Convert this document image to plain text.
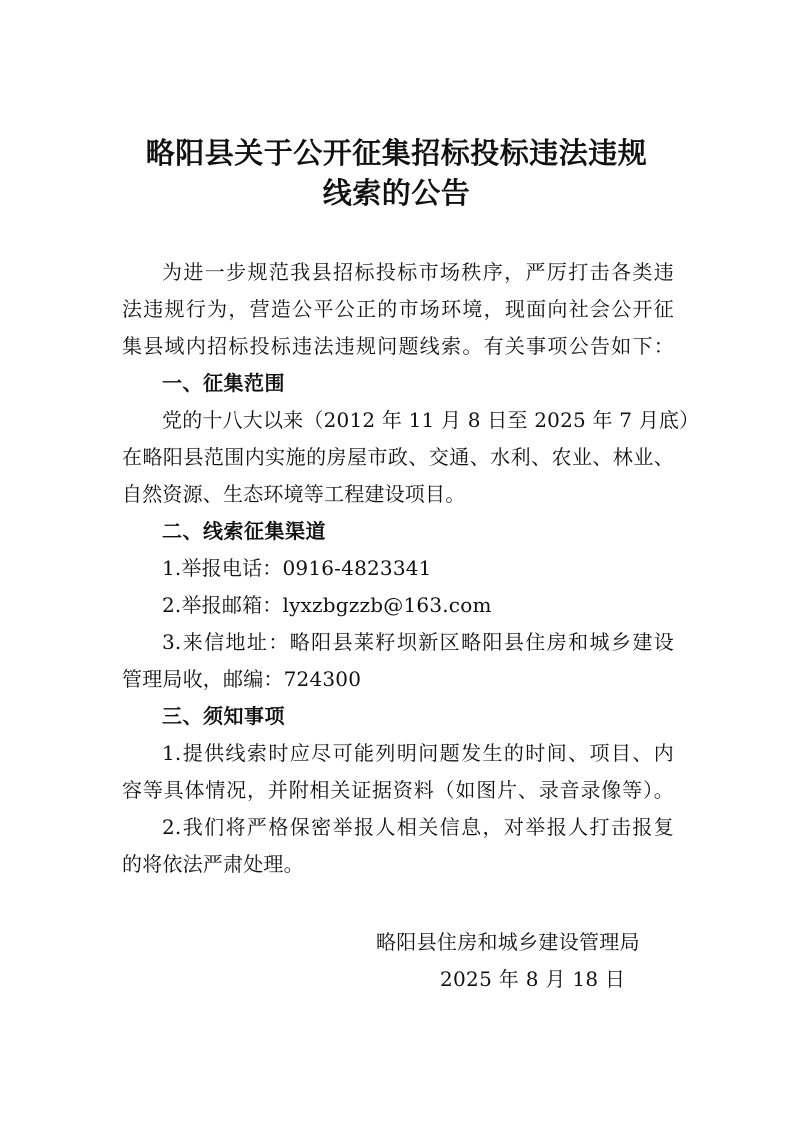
略阳县关于公开征集招标投标违法违规
线索的公告
为进一步规范我县招标投标市场秩序，严厉打击各类违
法违规行为，营造公平公正的市场环境，现面向社会公开征
集县域内招标投标违法违规问题线索。有关事项公告如下：
一、征集范围
党的十八大以来（2012 年 11 月 8 日至 2025 年 7 月底）
在略阳县范围内实施的房屋市政、交通、水利、农业、林业、
自然资源、生态环境等工程建设项目。
二、线索征集渠道
1.举报电话：0916-4823341
2.举报邮箱：lyxzbgzzb@163.com
3.来信地址：略阳县莱籽坝新区略阳县住房和城乡建设
管理局收，邮编：724300
三、须知事项
1.提供线索时应尽可能列明问题发生的时间、项目、内
容等具体情况，并附相关证据资料（如图片、录音录像等）。
2.我们将严格保密举报人相关信息，对举报人打击报复
的将依法严肃处理。
略阳县住房和城乡建设管理局
2025 年 8 月 18 日
